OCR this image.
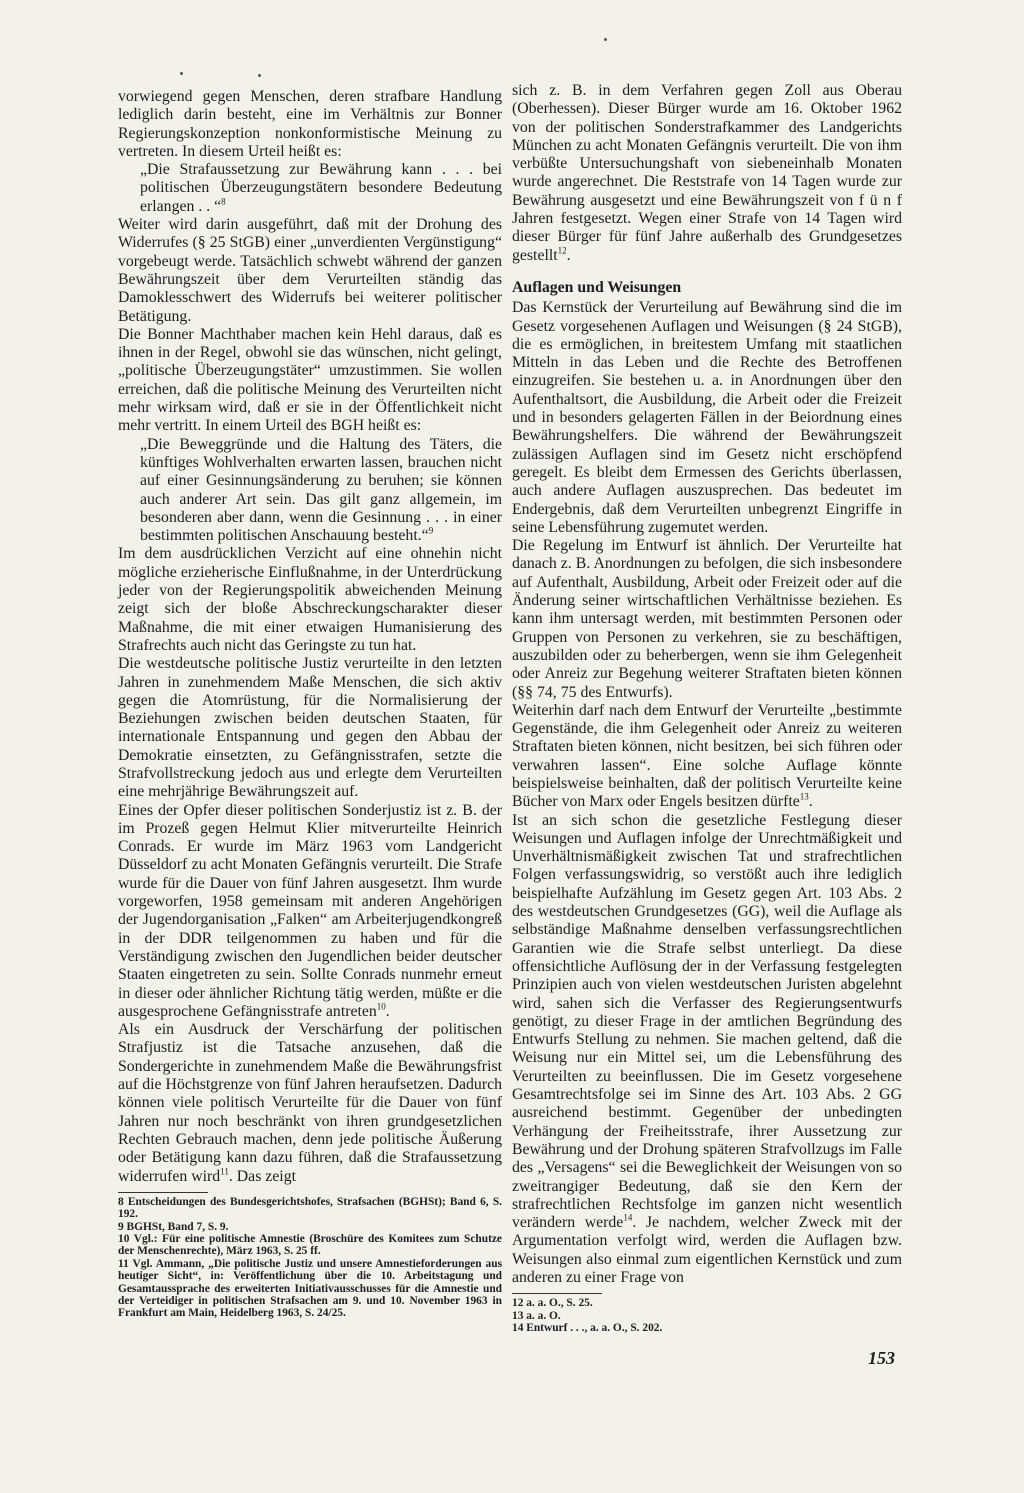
vorwiegend gegen Menschen, deren strafbare Handlung lediglich darin besteht, eine im Verhältnis zur Bonner Regierungskonzeption nonkonformistische Meinung zu vertreten. In diesem Urteil heißt es:

„Die Strafaussetzung zur Bewährung kann . . . bei politischen Überzeugungstätern besondere Bedeutung erlangen . . “$^8$

Weiter wird darin ausgeführt, daß mit der Drohung des Widerrufes (§ 25 StGB) einer „unverdienten Vergünstigung“ vorgebeugt werde. Tatsächlich schwebt während der ganzen Bewährungszeit über dem Verurteilten ständig das Damoklesschwert des Widerrufs bei weiterer politischer Betätigung.

Die Bonner Machthaber machen kein Hehl daraus, daß es ihnen in der Regel, obwohl sie das wünschen, nicht gelingt, „politische Überzeugungstäter“ umzustimmen. Sie wollen erreichen, daß die politische Meinung des Verurteilten nicht mehr wirksam wird, daß er sie in der Öffentlichkeit nicht mehr vertritt. In einem Urteil des BGH heißt es:

„Die Beweggründe und die Haltung des Täters, die künftiges Wohlverhalten erwarten lassen, brauchen nicht auf einer Gesinnungsänderung zu beruhen; sie können auch anderer Art sein. Das gilt ganz allgemein, im besonderen aber dann, wenn die Gesinnung . . . in einer bestimmten politischen Anschauung besteht.“$^9$

Im dem ausdrücklichen Verzicht auf eine ohnehin nicht mögliche erzieherische Einflußnahme, in der Unterdrückung jeder von der Regierungspolitik abweichenden Meinung zeigt sich der bloße Abschreckungscharakter dieser Maßnahme, die mit einer etwaigen Humanisierung des Strafrechts auch nicht das Geringste zu tun hat.

Die westdeutsche politische Justiz verurteilte in den letzten Jahren in zunehmendem Maße Menschen, die sich aktiv gegen die Atomrüstung, für die Normalisierung der Beziehungen zwischen beiden deutschen Staaten, für internationale Entspannung und gegen den Abbau der Demokratie einsetzten, zu Gefängnisstrafen, setzte die Strafvollstreckung jedoch aus und erlegte dem Verurteilten eine mehrjährige Bewährungszeit auf.

Eines der Opfer dieser politischen Sonderjustiz ist z. B. der im Prozeß gegen Helmut Klier mitverurteilte Heinrich Conrads. Er wurde im März 1963 vom Landgericht Düsseldorf zu acht Monaten Gefängnis verurteilt. Die Strafe wurde für die Dauer von fünf Jahren ausgesetzt. Ihm wurde vorgeworfen, 1958 gemeinsam mit anderen Angehörigen der Jugendorganisation „Falken“ am Arbeiterjugendkongreß in der DDR teilgenommen zu haben und für die Verständigung zwischen den Jugendlichen beider deutscher Staaten eingetreten zu sein. Sollte Conrads nunmehr erneut in dieser oder ähnlicher Richtung tätig werden, müßte er die ausgesprochene Gefängnisstrafe antreten$^{10}$.

Als ein Ausdruck der Verschärfung der politischen Strafjustiz ist die Tatsache anzusehen, daß die Sondergerichte in zunehmendem Maße die Bewährungsfrist auf die Höchstgrenze von fünf Jahren heraufsetzen. Dadurch können viele politisch Verurteilte für die Dauer von fünf Jahren nur noch beschränkt von ihren grundgesetzlichen Rechten Gebrauch machen, denn jede politische Äußerung oder Betätigung kann dazu führen, daß die Strafaussetzung widerrufen wird$^{11}$. Das zeigt

8 Entscheidungen des Bundesgerichtshofes, Strafsachen (BGHSt); Band 6, S. 192.
9 BGHSt, Band 7, S. 9.
10 Vgl.: Für eine politische Amnestie (Broschüre des Komitees zum Schutze der Menschenrechte), März 1963, S. 25 ff.
11 Vgl. Ammann, „Die politische Justiz und unsere Amnestieforderungen aus heutiger Sicht“, in: Veröffentlichung über die 10. Arbeitstagung und Gesamtaussprache des erweiterten Initiativausschusses für die Amnestie und der Verteidiger in politischen Strafsachen am 9. und 10. November 1963 in Frankfurt am Main, Heidelberg 1963, S. 24/25.

sich z. B. in dem Verfahren gegen Zoll aus Oberau (Oberhessen). Dieser Bürger wurde am 16. Oktober 1962 von der politischen Sonderstrafkammer des Landgerichts München zu acht Monaten Gefängnis verurteilt. Die von ihm verbüßte Untersuchungshaft von siebeneinhalb Monaten wurde angerechnet. Die Reststrafe von 14 Tagen wurde zur Bewährung ausgesetzt und eine Bewährungszeit von f ü n f Jahren festgesetzt. Wegen einer Strafe von 14 Tagen wird dieser Bürger für fünf Jahre außerhalb des Grundgesetzes gestellt$^{12}$.

Auflagen und Weisungen

Das Kernstück der Verurteilung auf Bewährung sind die im Gesetz vorgesehenen Auflagen und Weisungen (§ 24 StGB), die es ermöglichen, in breitestem Umfang mit staatlichen Mitteln in das Leben und die Rechte des Betroffenen einzugreifen. Sie bestehen u. a. in Anordnungen über den Aufenthaltsort, die Ausbildung, die Arbeit oder die Freizeit und in besonders gelagerten Fällen in der Beiordnung eines Bewährungshelfers. Die während der Bewährungszeit zulässigen Auflagen sind im Gesetz nicht erschöpfend geregelt. Es bleibt dem Ermessen des Gerichts überlassen, auch andere Auflagen auszusprechen. Das bedeutet im Endergebnis, daß dem Verurteilten unbegrenzt Eingriffe in seine Lebensführung zugemutet werden.

Die Regelung im Entwurf ist ähnlich. Der Verurteilte hat danach z. B. Anordnungen zu befolgen, die sich insbesondere auf Aufenthalt, Ausbildung, Arbeit oder Freizeit oder auf die Änderung seiner wirtschaftlichen Verhältnisse beziehen. Es kann ihm untersagt werden, mit bestimmten Personen oder Gruppen von Personen zu verkehren, sie zu beschäftigen, auszubilden oder zu beherbergen, wenn sie ihm Gelegenheit oder Anreiz zur Begehung weiterer Straftaten bieten können (§§ 74, 75 des Entwurfs).

Weiterhin darf nach dem Entwurf der Verurteilte „bestimmte Gegenstände, die ihm Gelegenheit oder Anreiz zu weiteren Straftaten bieten können, nicht besitzen, bei sich führen oder verwahren lassen“. Eine solche Auflage könnte beispielsweise beinhalten, daß der politisch Verurteilte keine Bücher von Marx oder Engels besitzen dürfte$^{13}$.

Ist an sich schon die gesetzliche Festlegung dieser Weisungen und Auflagen infolge der Unrechtmäßigkeit und Unverhältnismäßigkeit zwischen Tat und strafrechtlichen Folgen verfassungswidrig, so verstößt auch ihre lediglich beispielhafte Aufzählung im Gesetz gegen Art. 103 Abs. 2 des westdeutschen Grundgesetzes (GG), weil die Auflage als selbständige Maßnahme denselben verfassungsrechtlichen Garantien wie die Strafe selbst unterliegt. Da diese offensichtliche Auflösung der in der Verfassung festgelegten Prinzipien auch von vielen westdeutschen Juristen abgelehnt wird, sahen sich die Verfasser des Regierungsentwurfs genötigt, zu dieser Frage in der amtlichen Begründung des Entwurfs Stellung zu nehmen. Sie machen geltend, daß die Weisung nur ein Mittel sei, um die Lebensführung des Verurteilten zu beeinflussen. Die im Gesetz vorgesehene Gesamtrechtsfolge sei im Sinne des Art. 103 Abs. 2 GG ausreichend bestimmt. Gegenüber der unbedingten Verhängung der Freiheitsstrafe, ihrer Aussetzung zur Bewährung und der Drohung späteren Strafvollzugs im Falle des „Versagens“ sei die Beweglichkeit der Weisungen von so zweitrangiger Bedeutung, daß sie den Kern der strafrechtlichen Rechtsfolge im ganzen nicht wesentlich verändern werde$^{14}$. Je nachdem, welcher Zweck mit der Argumentation verfolgt wird, werden die Auflagen bzw. Weisungen also einmal zum eigentlichen Kernstück und zum anderen zu einer Frage von

12 a. a. O., S. 25.
13 a. a. O.
14 Entwurf . . ., a. a. O., S. 202.
153
